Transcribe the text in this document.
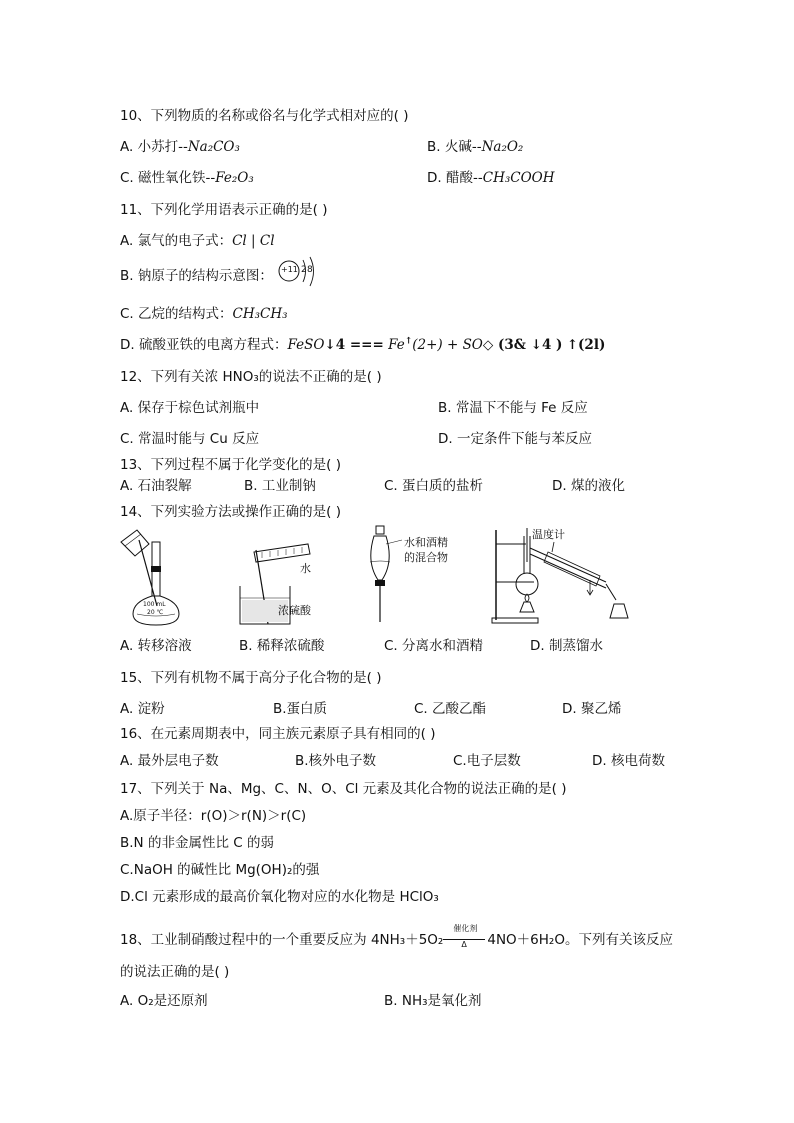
10、下列物质的名称或俗名与化学式相对应的( )
A. 小苏打--Na₂CO₃	B. 火碱--Na₂O₂
C. 磁性氧化铁--Fe₂O₃	D. 醋酸--CH₃COOH
11、下列化学用语表示正确的是( )
A. 氯气的电子式：Cl | Cl
B. 钠原子的结构示意图： +11 2 8
C. 乙烷的结构式：CH₃CH₃
D. 硫酸亚铁的电离方程式：FeSO↓4 === Fe↑(2+) + SO◇ (3& ↓4 ) ↑(2l)
12、下列有关浓 HNO₃的说法不正确的是( )
A. 保存于棕色试剂瓶中	B. 常温下不能与 Fe 反应
C. 常温时能与 Cu 反应	D. 一定条件下能与苯反应
13、下列过程不属于化学变化的是( )
A. 石油裂解	B. 工业制钠	C. 蛋白质的盐析	D. 煤的液化
14、下列实验方法或操作正确的是( )
100 mL
20 ℃
水
浓硫酸
水和酒精
的混合物
温度计
A. 转移溶液	B. 稀释浓硫酸	C. 分离水和酒精	D. 制蒸馏水
15、下列有机物不属于高分子化合物的是( )
A. 淀粉	B.蛋白质	C. 乙酸乙酯	D. 聚乙烯
16、在元素周期表中，同主族元素原子具有相同的( )
A. 最外层电子数	B.核外电子数	C.电子层数	D. 核电荷数
17、下列关于 Na、Mg、C、N、O、Cl 元素及其化合物的说法正确的是( )
A.原子半径：r(O)＞r(N)＞r(C)
B.N 的非金属性比 C 的弱
C.NaOH 的碱性比 Mg(OH)₂的强
D.Cl 元素形成的最高价氧化物对应的水化物是 HClO₃
18、工业制硝酸过程中的一个重要反应为 4NH₃＋5O₂
催化剂
Δ 4NO＋6H₂O。下列有关该反应
的说法正确的是( )
A. O₂是还原剂	B. NH₃是氧化剂
